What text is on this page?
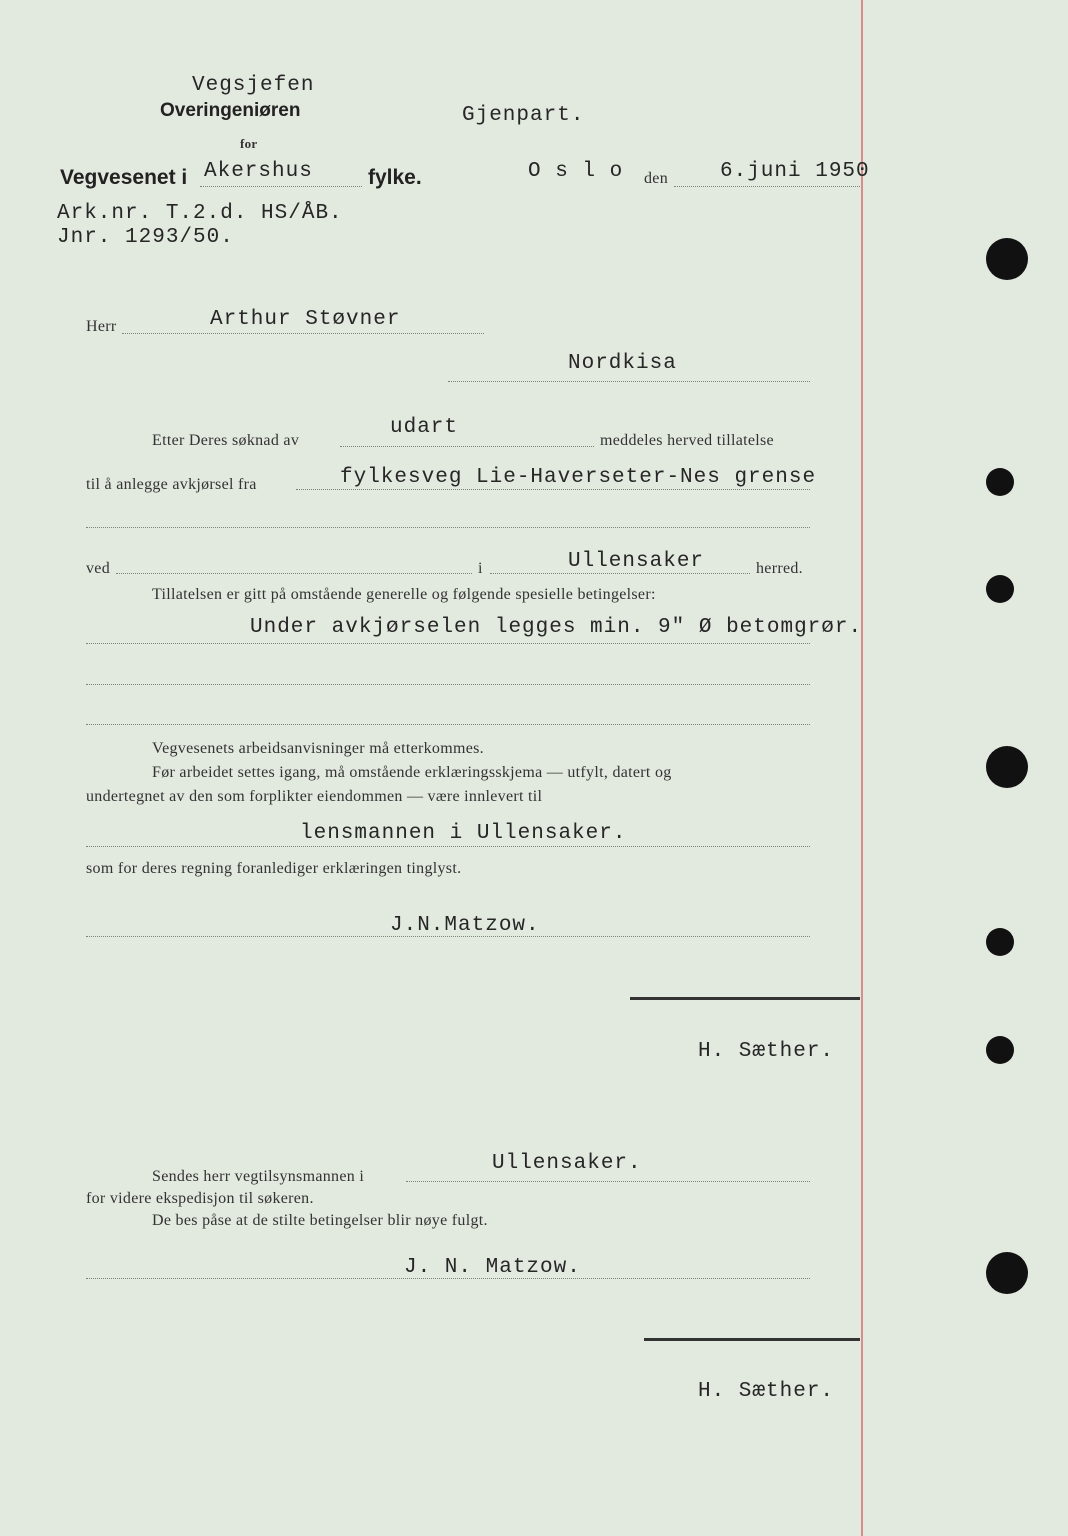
Vegsjefen
Overingeniøren
for
Vegvesenet i Akershus	fylke.
Gjenpart.
O s l o den 6.juni 1950
Ark.nr. T.2.d. HS/ÅB.
Jnr. 1293/50.
Herr	Arthur Støvner
Nordkisa
Etter Deres søknad av
udart
meddeles herved tillatelse
til å anlegge avkjørsel fra	fylkesveg Lie-Haverseter-Nes grense
ved	i	Ullensaker	herred.
Tillatelsen er gitt på omstående generelle og følgende spesielle betingelser:
Under avkjørselen legges min. 9" Ø betomgrør.
Vegvesenets arbeidsanvisninger må etterkommes.
Før arbeidet settes igang, må omstående erklæringsskjema — utfylt, datert og
undertegnet av den som forplikter eiendommen — være innlevert til
lensmannen i Ullensaker.
som for deres regning foranlediger erklæringen tinglyst.
J.N.Matzow.
H. Sæther.
Sendes herr vegtilsynsmannen i
Ullensaker.
for videre ekspedisjon til søkeren.
De bes påse at de stilte betingelser blir nøye fulgt.
J. N. Matzow.
H. Sæther.
